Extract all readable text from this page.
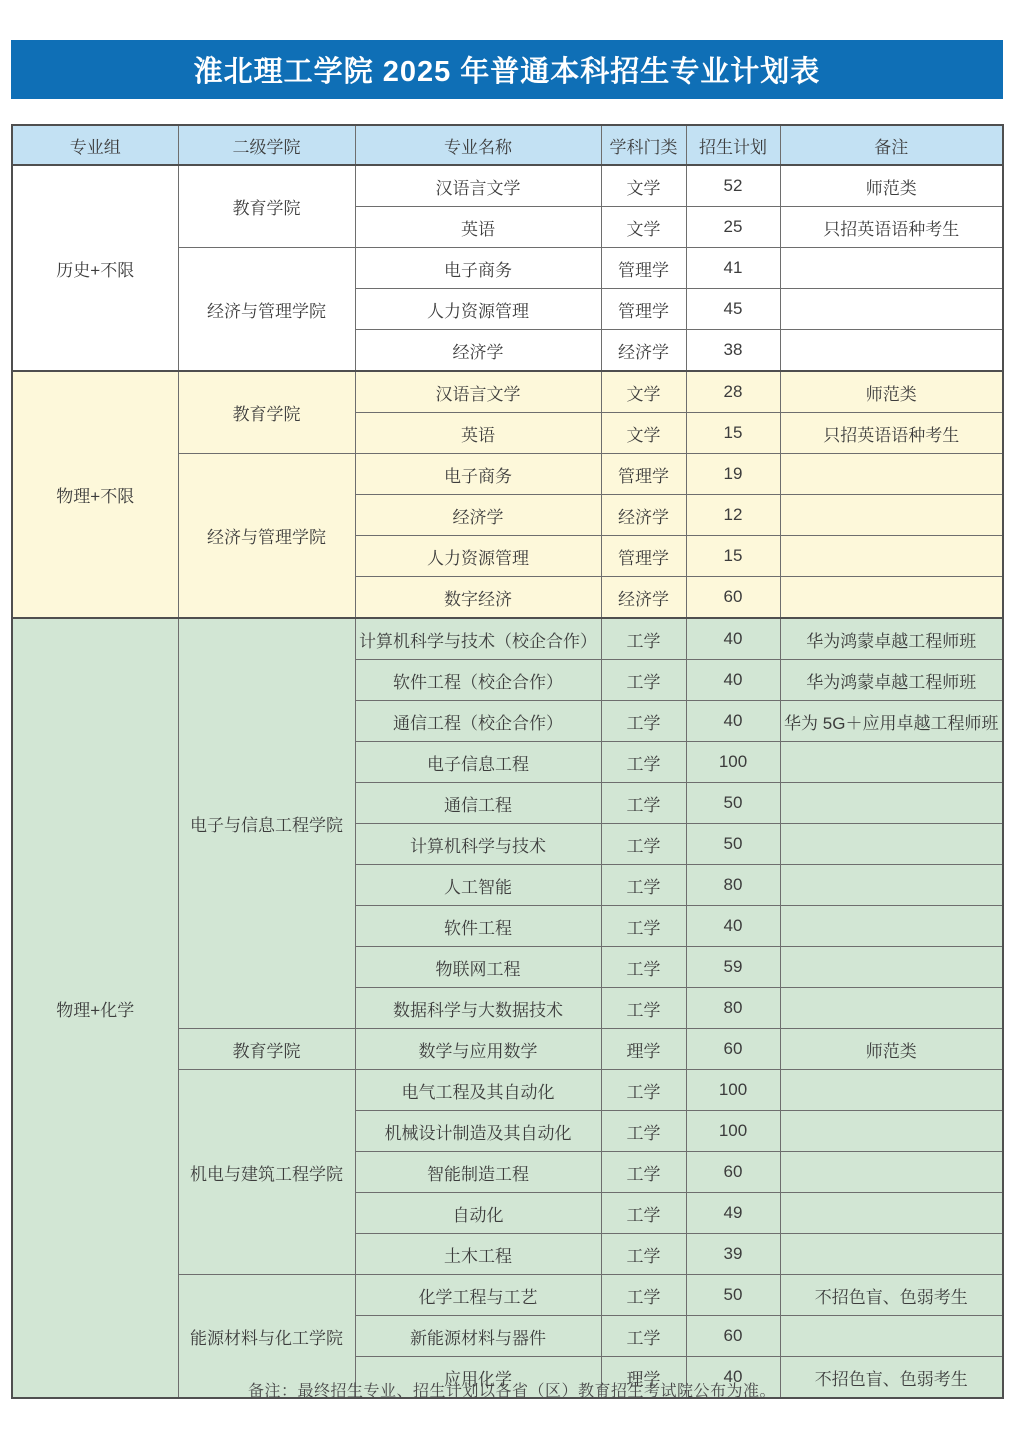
淮北理工学院 2025 年普通本科招生专业计划表
专业组	二级学院	专业名称	学科门类	招生计划	备注
历史+不限	教育学院	汉语言文学	文学	52	师范类
		英语	文学	25	只招英语语种考生
	经济与管理学院	电子商务	管理学	41	
		人力资源管理	管理学	45	
		经济学	经济学	38	
物理+不限	教育学院	汉语言文学	文学	28	师范类
		英语	文学	15	只招英语语种考生
	经济与管理学院	电子商务	管理学	19	
		经济学	经济学	12	
		人力资源管理	管理学	15	
		数字经济	经济学	60	
物理+化学	电子与信息工程学院	计算机科学与技术（校企合作）	工学	40	华为鸿蒙卓越工程师班
		软件工程（校企合作）	工学	40	华为鸿蒙卓越工程师班
		通信工程（校企合作）	工学	40	华为 5G＋应用卓越工程师班
		电子信息工程	工学	100	
		通信工程	工学	50	
		计算机科学与技术	工学	50	
		人工智能	工学	80	
		软件工程	工学	40	
		物联网工程	工学	59	
		数据科学与大数据技术	工学	80	
	教育学院	数学与应用数学	理学	60	师范类
	机电与建筑工程学院	电气工程及其自动化	工学	100	
		机械设计制造及其自动化	工学	100	
		智能制造工程	工学	60	
		自动化	工学	49	
		土木工程	工学	39	
	能源材料与化工学院	化学工程与工艺	工学	50	不招色盲、色弱考生
		新能源材料与器件	工学	60	
		应用化学	理学	40	不招色盲、色弱考生
备注：最终招生专业、招生计划以各省（区）教育招生考试院公布为准。
